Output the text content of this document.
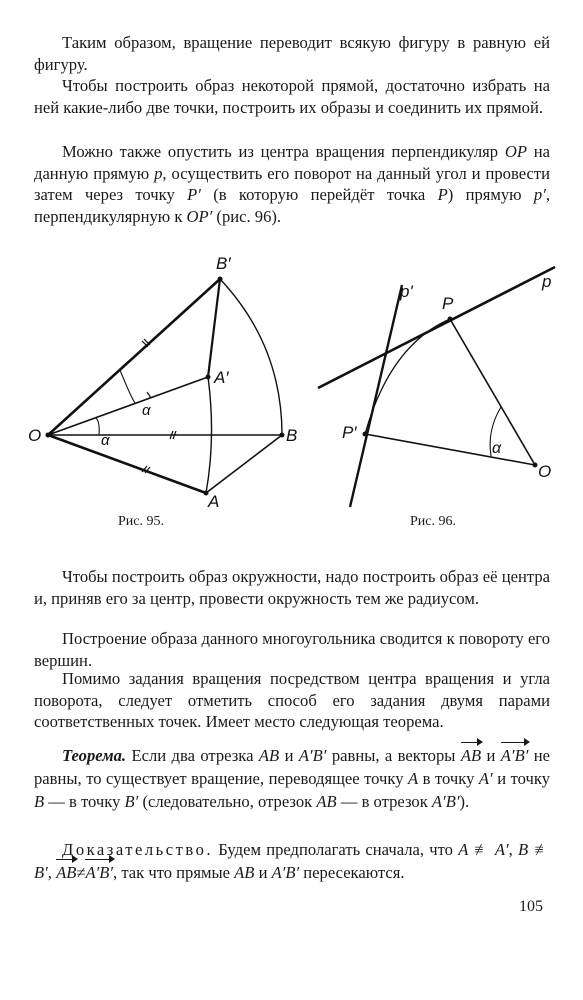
Таким образом, вращение переводит всякую фигуру в равную ей фигуру.
Чтобы построить образ некоторой прямой, достаточно избрать на ней какие-либо две точки, построить их образы и соединить их прямой.
Можно также опустить из центра вращения перпендикуляр OP на данную прямую p, осуществить его поворот на данный угол и провести затем через точку P′ (в которую перейдёт точка P) прямую p′, перпендикулярную к OP′ (рис. 96).
O
B′
A′
B
A
α
α
Рис. 95.
P
P′
p
p'
O
α
Рис. 96.
Чтобы построить образ окружности, надо построить образ её центра и, приняв его за центр, провести окружность тем же радиусом.
Построение образа данного многоугольника сводится к повороту его вершин.
Помимо задания вращения посредством центра вращения и угла поворота, следует отметить способ его задания двумя парами соответственных точек. Имеет место следующая теорема.
Теорема. Если два отрезка AB и A′B′ равны, а векторы AB и A′B′ не равны, то существует вращение, переводящее точку A в точку A′ и точку B — в точку B′ (следовательно, отрезок AB — в отрезок A′B′).
Доказательство. Будем предполагать сначала, что A ≢ A′, B ≢ B′, AB≠A′B′, так что прямые AB и A′B′ пересекаются.
105
